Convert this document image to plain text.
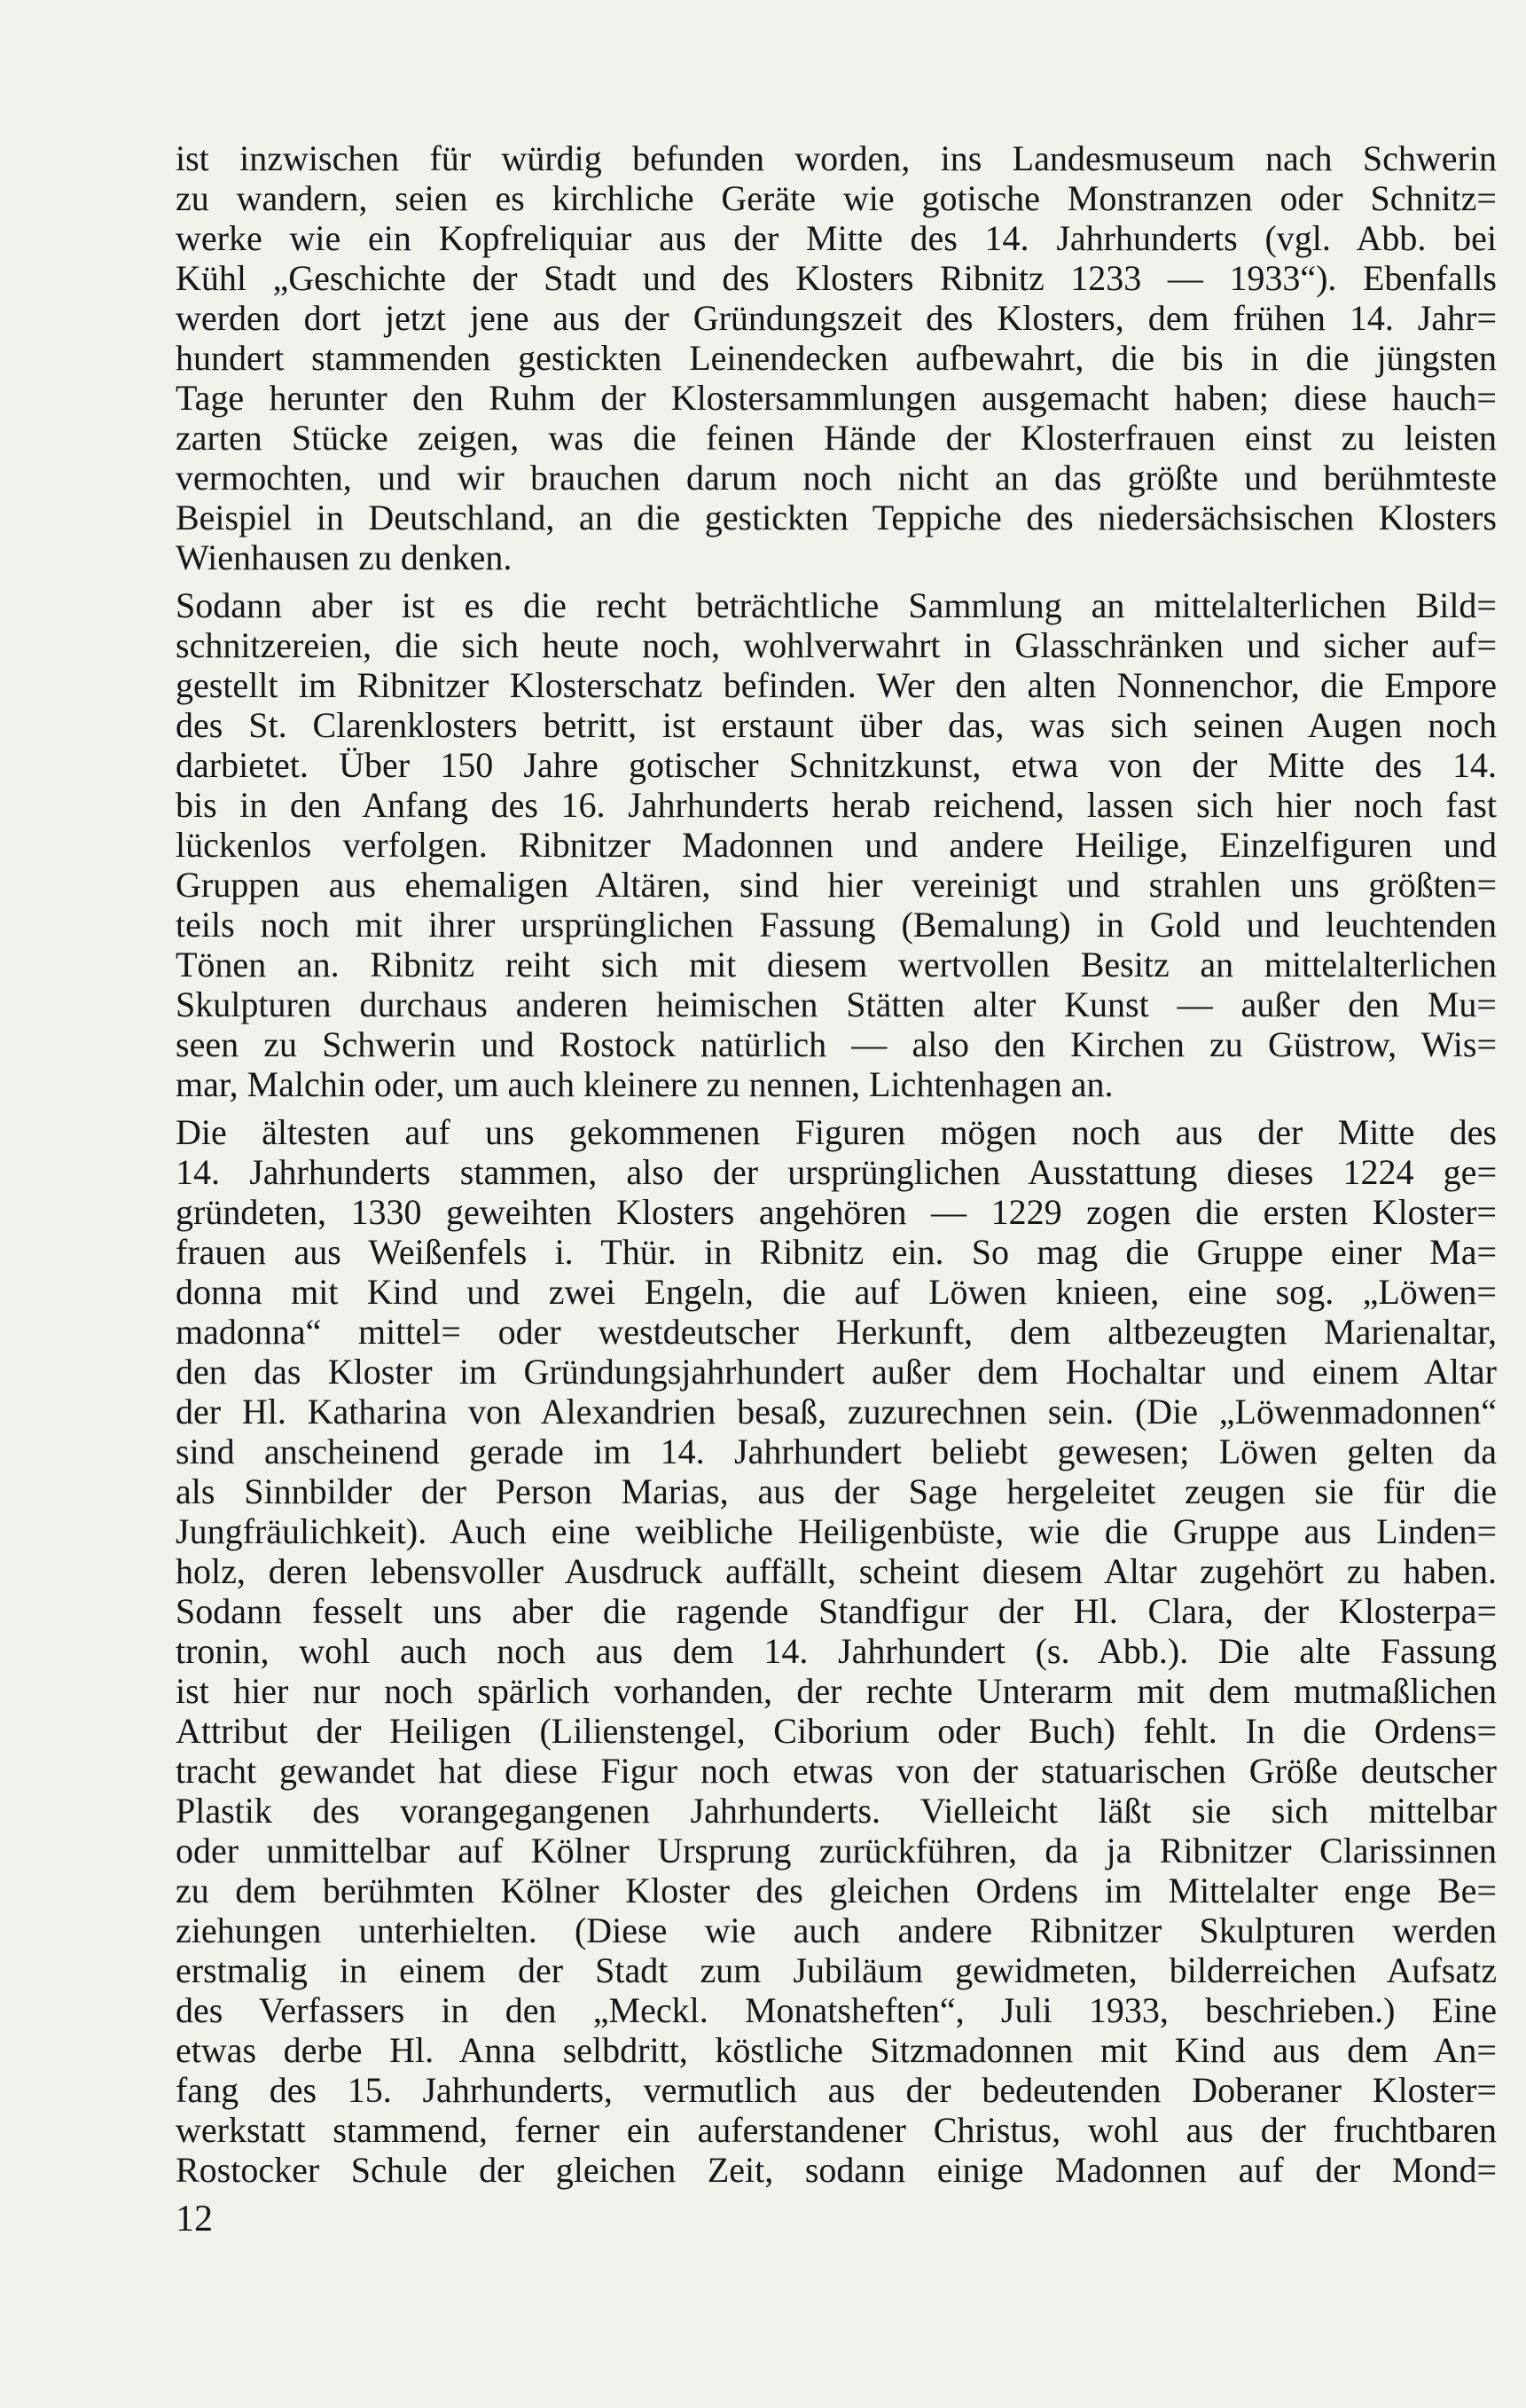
ist inzwischen für würdig befunden worden, ins Landesmuseum nach Schwerin
zu wandern, seien es kirchliche Geräte wie gotische Monstranzen oder Schnitz=
werke wie ein Kopfreliquiar aus der Mitte des 14. Jahrhunderts (vgl. Abb. bei
Kühl „Geschichte der Stadt und des Klosters Ribnitz 1233 — 1933“). Ebenfalls
werden dort jetzt jene aus der Gründungszeit des Klosters, dem frühen 14. Jahr=
hundert stammenden gestickten Leinendecken aufbewahrt, die bis in die jüngsten
Tage herunter den Ruhm der Klostersammlungen ausgemacht haben; diese hauch=
zarten Stücke zeigen, was die feinen Hände der Klosterfrauen einst zu leisten
vermochten, und wir brauchen darum noch nicht an das größte und berühmteste
Beispiel in Deutschland, an die gestickten Teppiche des niedersächsischen Klosters
Wienhausen zu denken.
Sodann aber ist es die recht beträchtliche Sammlung an mittelalterlichen Bild=
schnitzereien, die sich heute noch, wohlverwahrt in Glasschränken und sicher auf=
gestellt im Ribnitzer Klosterschatz befinden. Wer den alten Nonnenchor, die Empore
des St. Clarenklosters betritt, ist erstaunt über das, was sich seinen Augen noch
darbietet. Über 150 Jahre gotischer Schnitzkunst, etwa von der Mitte des 14.
bis in den Anfang des 16. Jahrhunderts herab reichend, lassen sich hier noch fast
lückenlos verfolgen. Ribnitzer Madonnen und andere Heilige, Einzelfiguren und
Gruppen aus ehemaligen Altären, sind hier vereinigt und strahlen uns größten=
teils noch mit ihrer ursprünglichen Fassung (Bemalung) in Gold und leuchtenden
Tönen an. Ribnitz reiht sich mit diesem wertvollen Besitz an mittelalterlichen
Skulpturen durchaus anderen heimischen Stätten alter Kunst — außer den Mu=
seen zu Schwerin und Rostock natürlich — also den Kirchen zu Güstrow, Wis=
mar, Malchin oder, um auch kleinere zu nennen, Lichtenhagen an.
Die ältesten auf uns gekommenen Figuren mögen noch aus der Mitte des
14. Jahrhunderts stammen, also der ursprünglichen Ausstattung dieses 1224 ge=
gründeten, 1330 geweihten Klosters angehören — 1229 zogen die ersten Kloster=
frauen aus Weißenfels i. Thür. in Ribnitz ein. So mag die Gruppe einer Ma=
donna mit Kind und zwei Engeln, die auf Löwen knieen, eine sog. „Löwen=
madonna“ mittel= oder westdeutscher Herkunft, dem altbezeugten Marienaltar,
den das Kloster im Gründungsjahrhundert außer dem Hochaltar und einem Altar
der Hl. Katharina von Alexandrien besaß, zuzurechnen sein. (Die „Löwenmadonnen“
sind anscheinend gerade im 14. Jahrhundert beliebt gewesen; Löwen gelten da
als Sinnbilder der Person Marias, aus der Sage hergeleitet zeugen sie für die
Jungfräulichkeit). Auch eine weibliche Heiligenbüste, wie die Gruppe aus Linden=
holz, deren lebensvoller Ausdruck auffällt, scheint diesem Altar zugehört zu haben.
Sodann fesselt uns aber die ragende Standfigur der Hl. Clara, der Klosterpa=
tronin, wohl auch noch aus dem 14. Jahrhundert (s. Abb.). Die alte Fassung
ist hier nur noch spärlich vorhanden, der rechte Unterarm mit dem mutmaßlichen
Attribut der Heiligen (Lilienstengel, Ciborium oder Buch) fehlt. In die Ordens=
tracht gewandet hat diese Figur noch etwas von der statuarischen Größe deutscher
Plastik des vorangegangenen Jahrhunderts. Vielleicht läßt sie sich mittelbar
oder unmittelbar auf Kölner Ursprung zurückführen, da ja Ribnitzer Clarissinnen
zu dem berühmten Kölner Kloster des gleichen Ordens im Mittelalter enge Be=
ziehungen unterhielten. (Diese wie auch andere Ribnitzer Skulpturen werden
erstmalig in einem der Stadt zum Jubiläum gewidmeten, bilderreichen Aufsatz
des Verfassers in den „Meckl. Monatsheften“, Juli 1933, beschrieben.) Eine
etwas derbe Hl. Anna selbdritt, köstliche Sitzmadonnen mit Kind aus dem An=
fang des 15. Jahrhunderts, vermutlich aus der bedeutenden Doberaner Kloster=
werkstatt stammend, ferner ein auferstandener Christus, wohl aus der fruchtbaren
Rostocker Schule der gleichen Zeit, sodann einige Madonnen auf der Mond=
12
